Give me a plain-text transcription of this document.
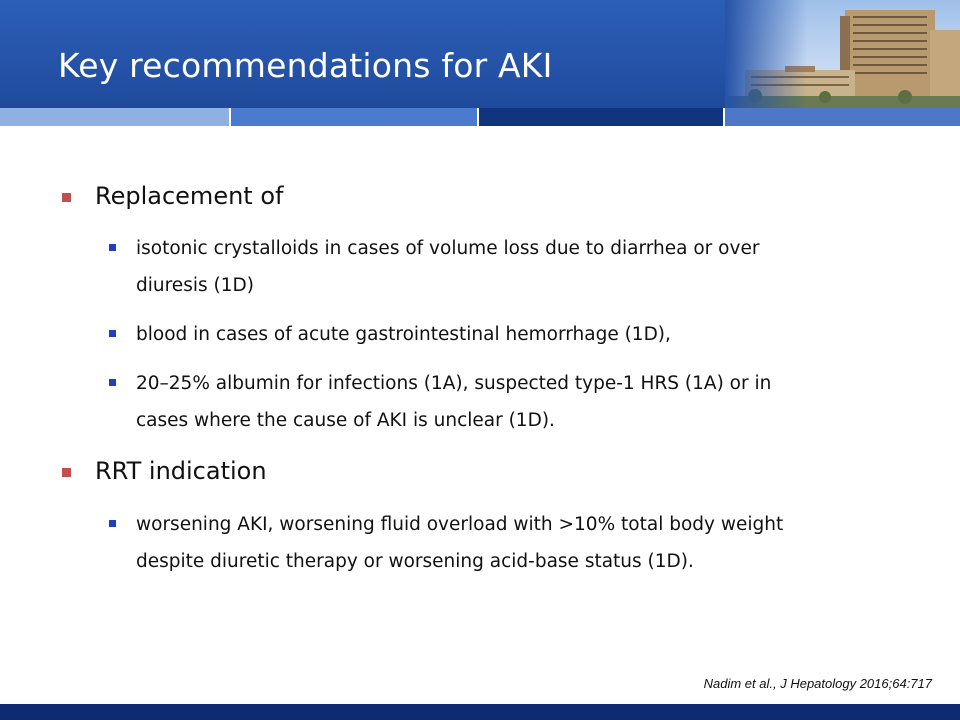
Key recommendations for AKI
Replacement of
isotonic crystalloids in cases of volume loss due to diarrhea or over
diuresis (1D)
blood in cases of acute gastrointestinal hemorrhage (1D),
20–25% albumin for infections (1A), suspected type-1 HRS (1A) or in
cases where the cause of AKI is unclear (1D).
RRT indication
worsening AKI, worsening fluid overload with >10% total body weight
despite diuretic therapy or worsening acid-base status (1D).
Nadim et al., J Hepatology 2016;64:717
